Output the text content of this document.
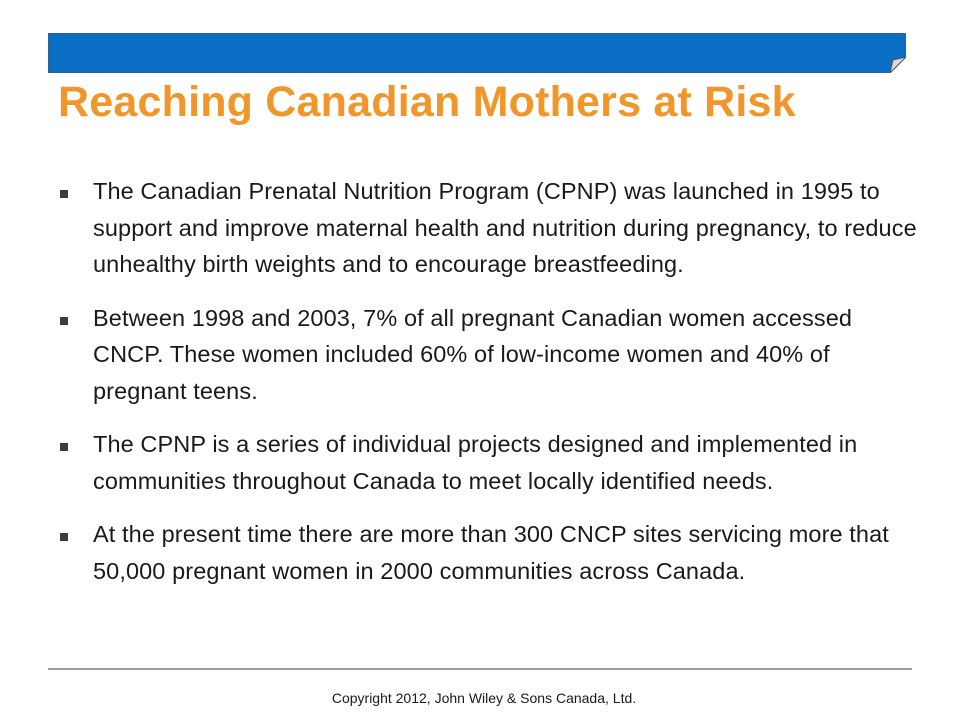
Reaching Canadian Mothers at Risk
The Canadian Prenatal Nutrition Program (CPNP) was launched in 1995 to support and improve maternal health and nutrition during pregnancy, to reduce unhealthy birth weights and to encourage breastfeeding.
Between 1998 and 2003, 7% of all pregnant Canadian women accessed CNCP. These women included 60% of low-income women and 40% of pregnant teens.
The CPNP is a series of individual projects designed and implemented in communities throughout Canada to meet locally identified needs.
At the present time there are more than 300 CNCP sites servicing more that 50,000 pregnant women in 2000 communities across Canada.
Copyright 2012, John Wiley & Sons Canada, Ltd.
